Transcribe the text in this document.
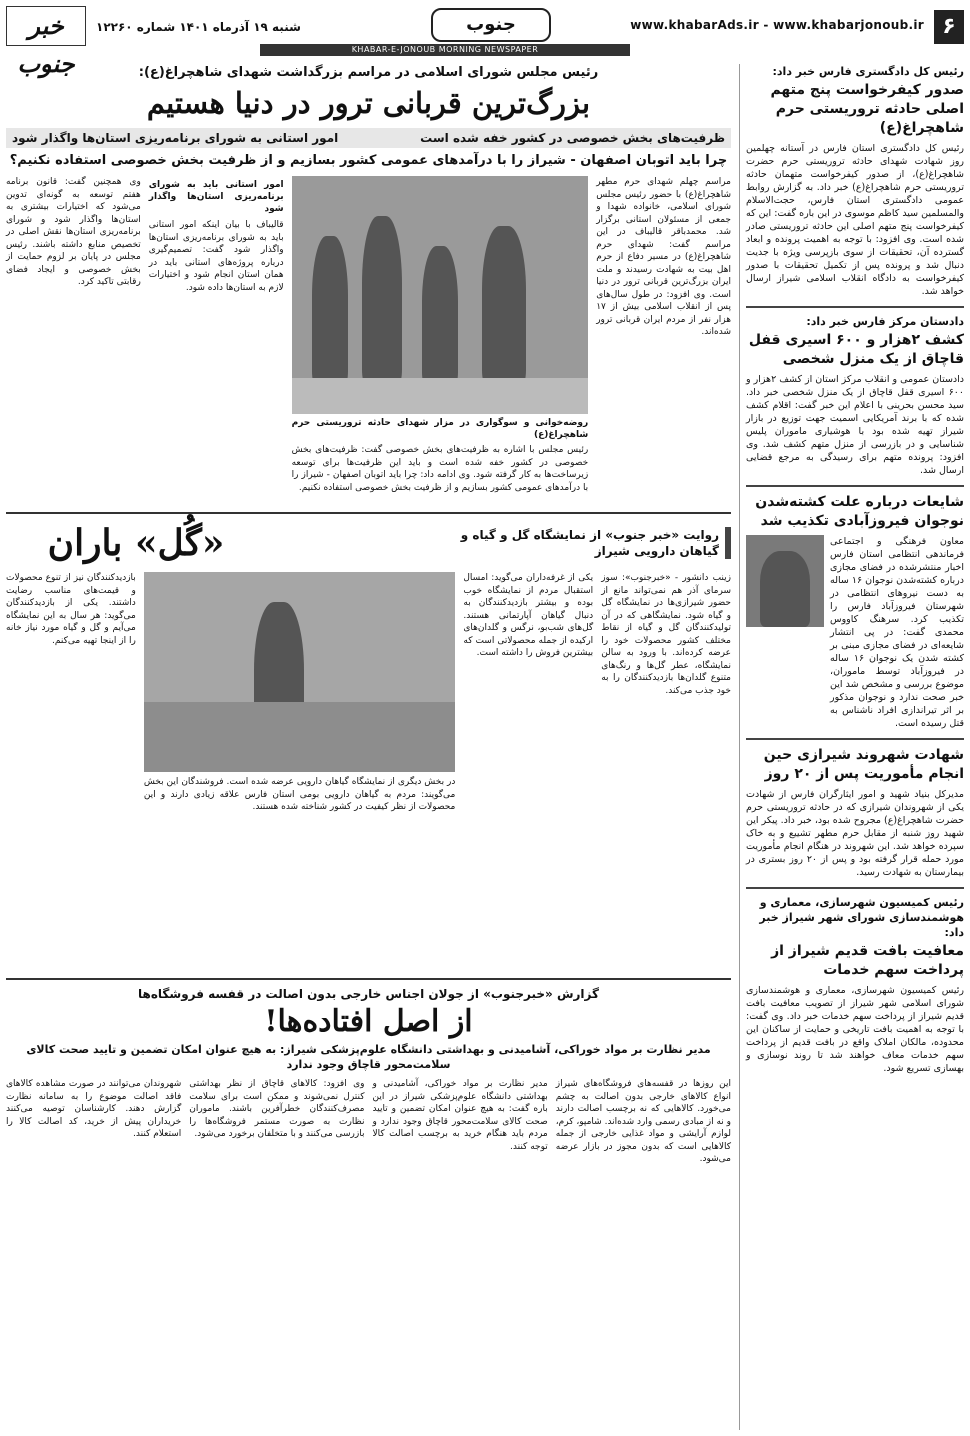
۶
www.khabarAds.ir - www.khabarjonoub.ir
جنوب
شنبه ۱۹ آذرماه ۱۴۰۱ شماره ۱۲۲۶۰
خبر جنوب	KHABAR-E-JONOUB MORNING NEWSPAPER
رئیس کل دادگستری فارس خبر داد:
صدور کیفرخواست پنج متهم اصلی حادثه تروریستی حرم شاهچراغ(ع)
رئیس کل دادگستری استان فارس در آستانه چهلمین روز شهادت شهدای حادثه تروریستی حرم حضرت شاهچراغ(ع)، از صدور کیفرخواست متهمان حادثه تروریستی حرم شاهچراغ(ع) خبر داد. به گزارش روابط عمومی دادگستری استان فارس، حجت‌الاسلام والمسلمین سید کاظم موسوی در این باره گفت: این که کیفرخواست پنج متهم اصلی این حادثه تروریستی صادر شده است. وی افزود: با توجه به اهمیت پرونده و ابعاد گسترده آن، تحقیقات از سوی بازپرسی ویژه با جدیت دنبال شد و پرونده پس از تکمیل تحقیقات با صدور کیفرخواست به دادگاه انقلاب اسلامی شیراز ارسال خواهد شد.
دادستان مرکز فارس خبر داد:
کشف ۲هزار و ۶۰۰ اسیری قفل قاچاق از یک منزل شخصی
دادستان عمومی و انقلاب مرکز استان از کشف ۲هزار و ۶۰۰ اسیری قفل قاچاق از یک منزل شخصی خبر داد. سید محسن بحرینی با اعلام این خبر گفت: اقلام کشف شده که با برند آمریکایی اسمیت جهت توزیع در بازار شیراز تهیه شده بود با هوشیاری ماموران پلیس شناسایی و در بازرسی از منزل متهم کشف شد. وی افزود: پرونده متهم برای رسیدگی به مرجع قضایی ارسال شد.
شایعات درباره علت کشته‌شدن نوجوان فیروزآبادی تکذیب شد
معاون فرهنگی و اجتماعی فرماندهی انتظامی استان فارس اخبار منتشرشده در فضای مجازی درباره کشته‌شدن نوجوان ۱۶ ساله به دست نیروهای انتظامی در شهرستان فیروزآباد فارس را تکذیب کرد. سرهنگ کاووس محمدی گفت: در پی انتشار شایعه‌ای در فضای مجازی مبنی بر کشته شدن یک نوجوان ۱۶ ساله در فیروزآباد توسط ماموران، موضوع بررسی و مشخص شد این خبر صحت ندارد و نوجوان مذکور بر اثر تیراندازی افراد ناشناس به قتل رسیده است.
شهادت شهروند شیرازی حین انجام مأموریت پس از ۲۰ روز
مدیرکل بنیاد شهید و امور ایثارگران فارس از شهادت یکی از شهروندان شیرازی که در حادثه تروریستی حرم حضرت شاهچراغ(ع) مجروح شده بود، خبر داد. پیکر این شهید روز شنبه از مقابل حرم مطهر تشییع و به خاک سپرده خواهد شد. این شهروند در هنگام انجام مأموریت مورد حمله قرار گرفته بود و پس از ۲۰ روز بستری در بیمارستان به شهادت رسید.
رئیس کمیسیون شهرسازی، معماری و هوشمندسازی شورای شهر شیراز خبر داد:
معافیت بافت قدیم شیراز از پرداخت سهم خدمات
رئیس کمیسیون شهرسازی، معماری و هوشمندسازی شورای اسلامی شهر شیراز از تصویب معافیت بافت قدیم شیراز از پرداخت سهم خدمات خبر داد. وی گفت: با توجه به اهمیت بافت تاریخی و حمایت از ساکنان این محدوده، مالکان املاک واقع در بافت قدیم از پرداخت سهم خدمات معاف خواهند شد تا روند نوسازی و بهسازی تسریع شود.
رئیس مجلس شورای اسلامی در مراسم بزرگداشت شهدای شاهچراغ(ع):
بزرگ‌ترین قربانی ترور در دنیا هستیم
ظرفیت‌های بخش خصوصی در کشور خفه شده است
امور استانی به شورای برنامه‌ریزی استان‌ها واگذار شود
چرا باید اتوبان اصفهان - شیراز را با درآمدهای عمومی کشور بسازیم و از ظرفیت بخش خصوصی استفاده نکنیم؟
مراسم چهلم شهدای حرم مطهر شاهچراغ(ع) با حضور رئیس مجلس شورای اسلامی، خانواده شهدا و جمعی از مسئولان استانی برگزار شد. محمدباقر قالیباف در این مراسم گفت: شهدای حرم شاهچراغ(ع) در مسیر دفاع از حرم اهل بیت به شهادت رسیدند و ملت ایران بزرگ‌ترین قربانی ترور در دنیا است. وی افزود: در طول سال‌های پس از انقلاب اسلامی بیش از ۱۷ هزار نفر از مردم ایران قربانی ترور شده‌اند.
روضه‌خوانی و سوگواری در مزار شهدای حادثه تروریستی حرم شاهچراغ(ع)
رئیس مجلس با اشاره به ظرفیت‌های بخش خصوصی گفت: ظرفیت‌های بخش خصوصی در کشور خفه شده است و باید این ظرفیت‌ها برای توسعه زیرساخت‌ها به کار گرفته شود. وی ادامه داد: چرا باید اتوبان اصفهان - شیراز را با درآمدهای عمومی کشور بسازیم و از ظرفیت بخش خصوصی استفاده نکنیم.
امور استانی باید به شورای برنامه‌ریزی استان‌ها واگذار شود
قالیباف با بیان اینکه امور استانی باید به شورای برنامه‌ریزی استان‌ها واگذار شود گفت: تصمیم‌گیری درباره پروژه‌های استانی باید در همان استان انجام شود و اختیارات لازم به استان‌ها داده شود.
وی همچنین گفت: قانون برنامه هفتم توسعه به گونه‌ای تدوین می‌شود که اختیارات بیشتری به استان‌ها واگذار شود و شورای برنامه‌ریزی استان‌ها نقش اصلی در تخصیص منابع داشته باشند. رئیس مجلس در پایان بر لزوم حمایت از بخش خصوصی و ایجاد فضای رقابتی تاکید کرد.
روایت «خبر جنوب» از نمایشگاه گل و گیاه و گیاهان دارویی شیراز
«گُل» باران
زینب دانشور - «خبرجنوب»: سوز سرمای آذر هم نمی‌تواند مانع از حضور شیرازی‌ها در نمایشگاه گل و گیاه شود. نمایشگاهی که در آن تولیدکنندگان گل و گیاه از نقاط مختلف کشور محصولات خود را عرضه کرده‌اند. با ورود به سالن نمایشگاه، عطر گل‌ها و رنگ‌های متنوع گلدان‌ها بازدیدکنندگان را به خود جذب می‌کند.
یکی از غرفه‌داران می‌گوید: امسال استقبال مردم از نمایشگاه خوب بوده و بیشتر بازدیدکنندگان به دنبال گیاهان آپارتمانی هستند. گل‌های شب‌بو، نرگس و گلدان‌های ارکیده از جمله محصولاتی است که بیشترین فروش را داشته است.
در بخش دیگری از نمایشگاه گیاهان دارویی عرضه شده است. فروشندگان این بخش می‌گویند: مردم به گیاهان دارویی بومی استان فارس علاقه زیادی دارند و این محصولات از نظر کیفیت در کشور شناخته شده هستند.
بازدیدکنندگان نیز از تنوع محصولات و قیمت‌های مناسب رضایت داشتند. یکی از بازدیدکنندگان می‌گوید: هر سال به این نمایشگاه می‌آیم و گل و گیاه مورد نیاز خانه را از اینجا تهیه می‌کنم.
گزارش «خبرجنوب» از جولان اجناس خارجی بدون اصالت در قفسه فروشگاه‌ها
از اصل افتاده‌ها!
مدیر نظارت بر مواد خوراکی، آشامیدنی و بهداشتی دانشگاه علوم‌پزشکی شیراز: به هیچ عنوان امکان تضمین و تایید صحت کالای سلامت‌محور قاچاق وجود ندارد
این روزها در قفسه‌های فروشگاه‌های شیراز انواع کالاهای خارجی بدون اصالت به چشم می‌خورد. کالاهایی که نه برچسب اصالت دارند و نه از مبادی رسمی وارد شده‌اند. شامپو، کرم، لوازم آرایشی و مواد غذایی خارجی از جمله کالاهایی است که بدون مجوز در بازار عرضه می‌شود.
مدیر نظارت بر مواد خوراکی، آشامیدنی و بهداشتی دانشگاه علوم‌پزشکی شیراز در این باره گفت: به هیچ عنوان امکان تضمین و تایید صحت کالای سلامت‌محور قاچاق وجود ندارد و مردم باید هنگام خرید به برچسب اصالت کالا توجه کنند.
وی افزود: کالاهای قاچاق از نظر بهداشتی کنترل نمی‌شوند و ممکن است برای سلامت مصرف‌کنندگان خطرآفرین باشند. ماموران نظارت به صورت مستمر فروشگاه‌ها را بازرسی می‌کنند و با متخلفان برخورد می‌شود.
شهروندان می‌توانند در صورت مشاهده کالاهای فاقد اصالت موضوع را به سامانه نظارت گزارش دهند. کارشناسان توصیه می‌کنند خریداران پیش از خرید، کد اصالت کالا را استعلام کنند.
